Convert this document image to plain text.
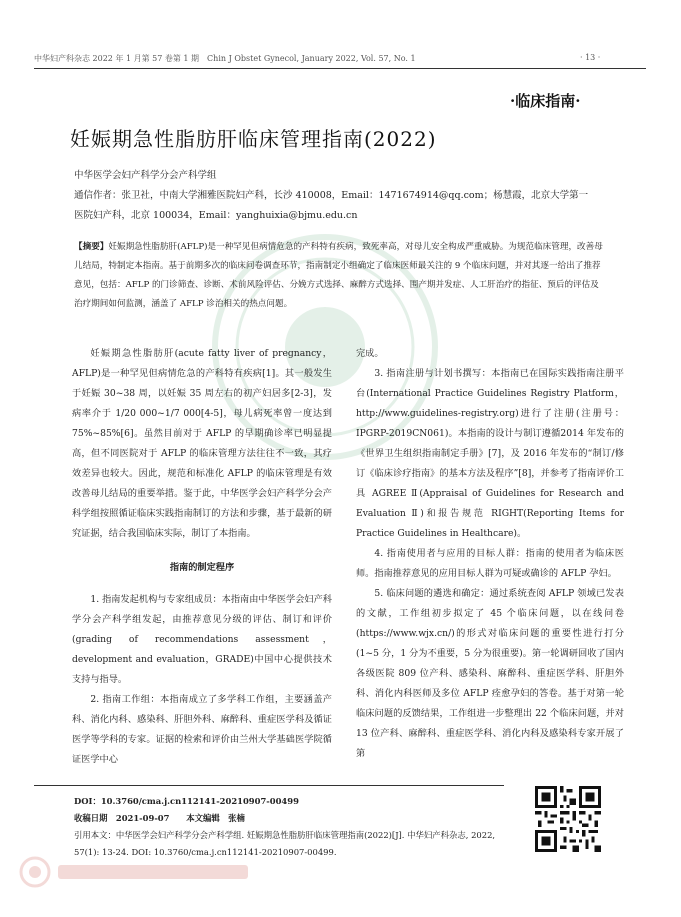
中华妇产科杂志 2022 年 1 月第 57 卷第 1 期　Chin J Obstet Gynecol, January 2022, Vol. 57, No. 1	· 13 ·
·临床指南·
妊娠期急性脂肪肝临床管理指南(2022)
中华医学会妇产科学分会产科学组
通信作者：张卫社，中南大学湘雅医院妇产科，长沙 410008，Email：1471674914@qq.com；杨慧霞，北京大学第一医院妇产科，北京 100034，Email：yanghuixia@bjmu.edu.cn
【摘要】妊娠期急性脂肪肝(AFLP)是一种罕见但病情危急的产科特有疾病，致死率高，对母儿安全构成严重威胁。为规范临床管理，改善母儿结局，特制定本指南。基于前期多次的临床问卷调查环节，指南制定小组确定了临床医师最关注的 9 个临床问题，并对其逐一给出了推荐意见，包括：AFLP 的门诊筛查、诊断、术前风险评估、分娩方式选择、麻醉方式选择、围产期并发症、人工肝治疗的指征、预后的评估及治疗期间如何监测，涵盖了 AFLP 诊治相关的热点问题。

妊娠期急性脂肪肝(acute fatty liver of pregnancy，AFLP)是一种罕见但病情危急的产科特有疾病[1]。其一般发生于妊娠 30~38 周，以妊娠 35 周左右的初产妇居多[2-3]，发病率介于 1/20 000~1/7 000[4-5]，母儿病死率曾一度达到 75%~85%[6]。虽然目前对于 AFLP 的早期确诊率已明显提高，但不同医院对于 AFLP 的临床管理方法往往不一致，其疗效差异也较大。因此，规范和标准化 AFLP 的临床管理是有效改善母儿结局的重要举措。鉴于此，中华医学会妇产科学分会产科学组按照循证临床实践指南制订的方法和步骤，基于最新的研究证据，结合我国临床实际，制订了本指南。

指南的制定程序

1. 指南发起机构与专家组成员：本指南由中华医学会妇产科学分会产科学组发起，由推荐意见分级的评估、制订和评价(grading of recommendations assessment，development and evaluation，GRADE)中国中心提供技术支持与指导。

2. 指南工作组：本指南成立了多学科工作组，主要涵盖产科、消化内科、感染科、肝胆外科、麻醉科、重症医学科及循证医学等学科的专家。证据的检索和评价由兰州大学基础医学院循证医学中心

完成。

3. 指南注册与计划书撰写：本指南已在国际实践指南注册平台(International Practice Guidelines Registry Platform，http://www.guidelines-registry.org)进行了注册(注册号：IPGRP-2019CN061)。本指南的设计与制订遵循2014 年发布的《世界卫生组织指南制定手册》[7]，及 2016 年发布的“制订/修订《临床诊疗指南》的基本方法及程序”[8]，并参考了指南评价工具 AGREE Ⅱ(Appraisal of Guidelines for Research and Evaluation Ⅱ)和报告规范 RIGHT(Reporting Items for Practice Guidelines in Healthcare)。

4. 指南使用者与应用的目标人群：指南的使用者为临床医师。指南推荐意见的应用目标人群为可疑或确诊的 AFLP 孕妇。

5. 临床问题的遴选和确定：通过系统查阅 AFLP 领域已发表的文献，工作组初步拟定了 45 个临床问题，以在线问卷(https://www.wjx.cn/)的形式对临床问题的重要性进行打分(1~5 分，1 分为不重要，5 分为很重要)。第一轮调研回收了国内各级医院 809 位产科、感染科、麻醉科、重症医学科、肝胆外科、消化内科医师及多位 AFLP 痊愈孕妇的答卷。基于对第一轮临床问题的反馈结果，工作组进一步整理出 22 个临床问题，并对 13 位产科、麻醉科、重症医学科、消化内科及感染科专家开展了第

DOI：10.3760/cma.j.cn112141-20210907-00499
收稿日期　2021-09-07　　本文编辑　张楠
引用本文：中华医学会妇产科学分会产科学组. 妊娠期急性脂肪肝临床管理指南(2022)[J]. 中华妇产科杂志, 2022, 57(1): 13-24. DOI: 10.3760/cma.j.cn112141-20210907-00499.
